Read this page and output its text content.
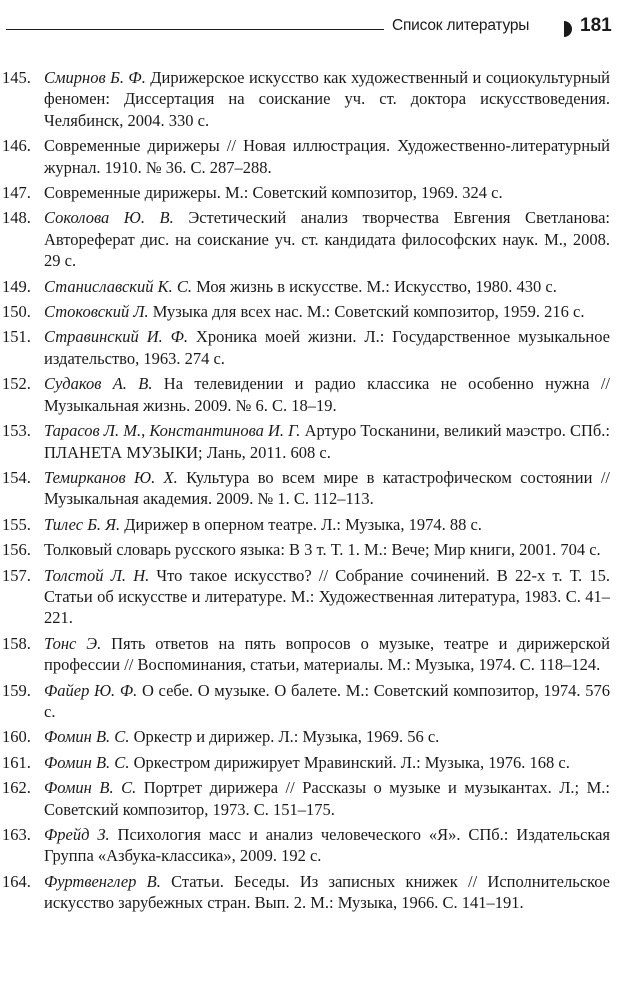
Список литературы	181
145. Смирнов Б. Ф. Дирижерское искусство как художественный и социокультурный феномен: Диссертация на соискание уч. ст. доктора искусствоведения. Челябинск, 2004. 330 с.
146. Современные дирижеры // Новая иллюстрация. Художественно-литературный журнал. 1910. № 36. С. 287–288.
147. Современные дирижеры. М.: Советский композитор, 1969. 324 с.
148. Соколова Ю. В. Эстетический анализ творчества Евгения Светланова: Автореферат дис. на соискание уч. ст. кандидата философских наук. М., 2008. 29 с.
149. Станиславский К. С. Моя жизнь в искусстве. М.: Искусство, 1980. 430 с.
150. Стоковский Л. Музыка для всех нас. М.: Советский композитор, 1959. 216 с.
151. Стравинский И. Ф. Хроника моей жизни. Л.: Государственное музыкальное издательство, 1963. 274 с.
152. Судаков А. В. На телевидении и радио классика не особенно нужна // Музыкальная жизнь. 2009. № 6. С. 18–19.
153. Тарасов Л. М., Константинова И. Г. Артуро Тосканини, великий маэстро. СПб.: ПЛАНЕТА МУЗЫКИ; Лань, 2011. 608 с.
154. Темирканов Ю. Х. Культура во всем мире в катастрофическом состоянии // Музыкальная академия. 2009. № 1. С. 112–113.
155. Тилес Б. Я. Дирижер в оперном театре. Л.: Музыка, 1974. 88 с.
156. Толковый словарь русского языка: В 3 т. Т. 1. М.: Вече; Мир книги, 2001. 704 с.
157. Толстой Л. Н. Что такое искусство? // Собрание сочинений. В 22-х т. Т. 15. Статьи об искусстве и литературе. М.: Художественная литература, 1983. С. 41–221.
158. Тонс Э. Пять ответов на пять вопросов о музыке, театре и дирижерской профессии // Воспоминания, статьи, материалы. М.: Музыка, 1974. С. 118–124.
159. Файер Ю. Ф. О себе. О музыке. О балете. М.: Советский композитор, 1974. 576 с.
160. Фомин В. С. Оркестр и дирижер. Л.: Музыка, 1969. 56 с.
161. Фомин В. С. Оркестром дирижирует Мравинский. Л.: Музыка, 1976. 168 с.
162. Фомин В. С. Портрет дирижера // Рассказы о музыке и музыкантах. Л.; М.: Советский композитор, 1973. С. 151–175.
163. Фрейд З. Психология масс и анализ человеческого «Я». СПб.: Издательская Группа «Азбука-классика», 2009. 192 с.
164. Фуртвенглер В. Статьи. Беседы. Из записных книжек // Исполнительское искусство зарубежных стран. Вып. 2. М.: Музыка, 1966. С. 141–191.
